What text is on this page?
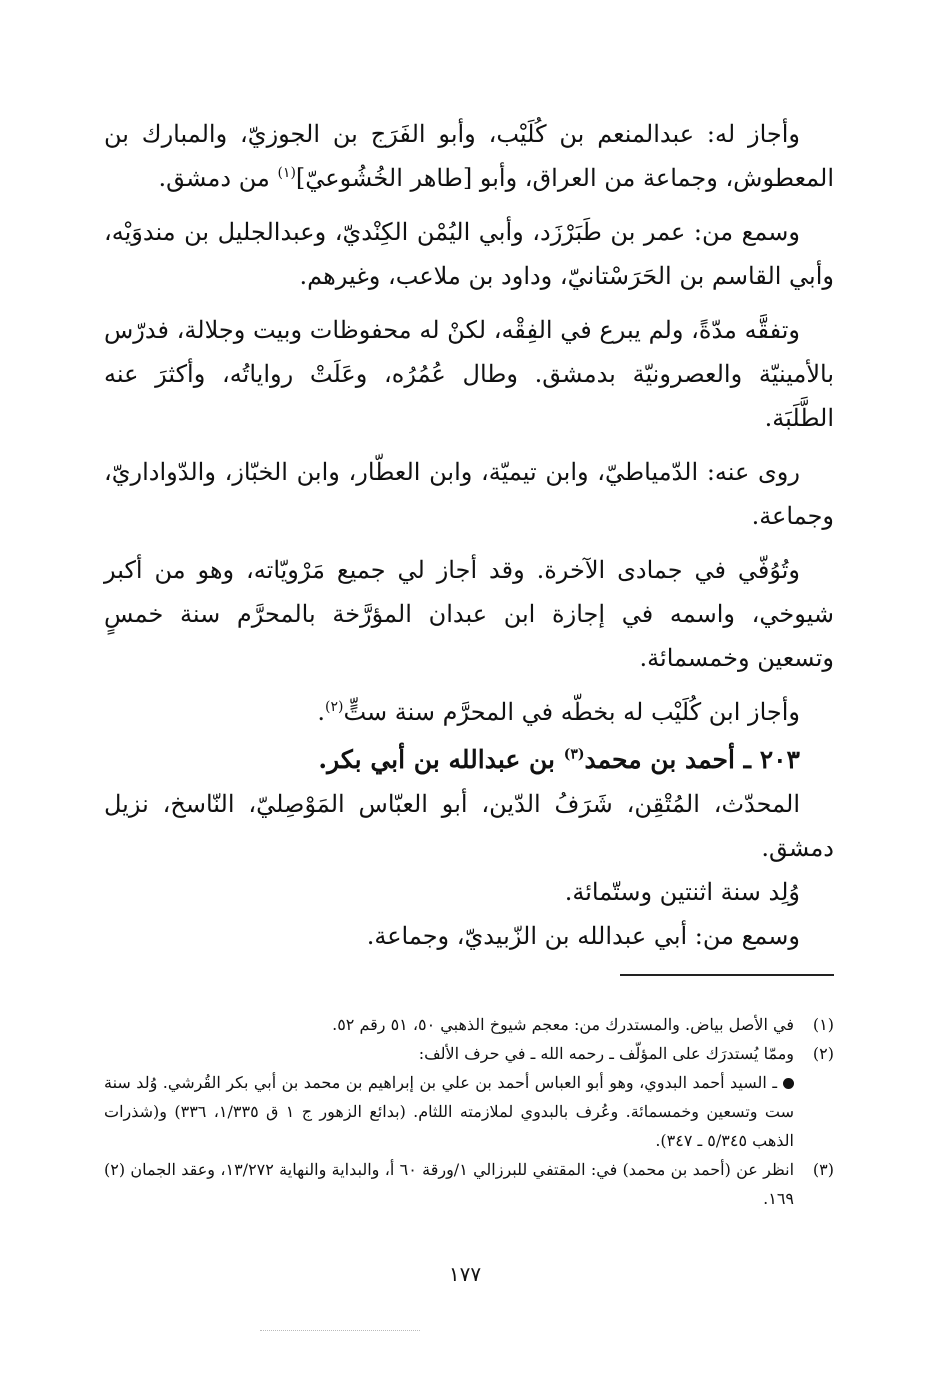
وأجاز له: عبدالمنعم بن كُلَيْب، وأبو الفَرَج بن الجوزيّ، والمبارك بن المعطوش، وجماعة من العراق، وأبو [طاهر الخُشُوعيّ]$^{(١)}$ من دمشق.

وسمع من: عمر بن طَبَرْزَد، وأبي اليُمْن الكِنْديّ، وعبدالجليل بن مندوَيْه، وأبي القاسم بن الحَرَسْتانيّ، وداود بن ملاعب، وغيرهم.

وتفقَّه مدّةً، ولم يبرع في الفِقْه، لكنْ له محفوظات وبيت وجلالة، فدرّس بالأمينيّة والعصرونيّة بدمشق. وطال عُمُرُه، وعَلَتْ رواياتُه، وأكثرَ عنه الطَّلَبَة.

روى عنه: الدّمياطيّ، وابن تيميّة، وابن العطّار، وابن الخبّاز، والدّواداريّ، وجماعة.

وتُوُفّي في جمادى الآخرة. وقد أجاز لي جميع مَرْويّاته، وهو من أكبر شيوخي، واسمه في إجازة ابن عبدان المؤرَّخة بالمحرَّم سنة خمسٍ وتسعين وخمسمائة.

وأجاز ابن كُلَيْب له بخطّه في المحرَّم سنة ستٍّ$^{(٢)}$.

٢٠٣ ـ أحمد بن محمد$^{(٣)}$ بن عبدالله بن أبي بكر.

المحدّث، المُتْقِن، شَرَفُ الدّين، أبو العبّاس المَوْصِليّ، النّاسخ، نزيل دمشق.

وُلِد سنة اثنتين وستّمائة.

وسمع من: أبي عبدالله بن الزّبيديّ، وجماعة.

(١)
في الأصل بياض. والمستدرك من: معجم شيوخ الذهبي ٥٠، ٥١ رقم ٥٢.
(٢)

وممّا يُستدرَك على المؤلّف ـ رحمه الله ـ في حرف الألف:

ـ السيد أحمد البدوي، وهو أبو العباس أحمد بن علي بن إبراهيم بن محمد بن أبي بكر القُرشي. وُلد سنة ست وتسعين وخمسمائة. وعُرف بالبدوي لملازمته اللثام. (بدائع الزهور ج ١ ق ١/٣٣٥، ٣٣٦) و(شذرات الذهب ٥/٣٤٥ ـ ٣٤٧).

(٣)
انظر عن (أحمد بن محمد) في: المقتفي للبرزالي ١/ورقة ٦٠ أ، والبداية والنهاية ١٣/٢٧٢، وعقد الجمان (٢) ١٦٩.
١٧٧
